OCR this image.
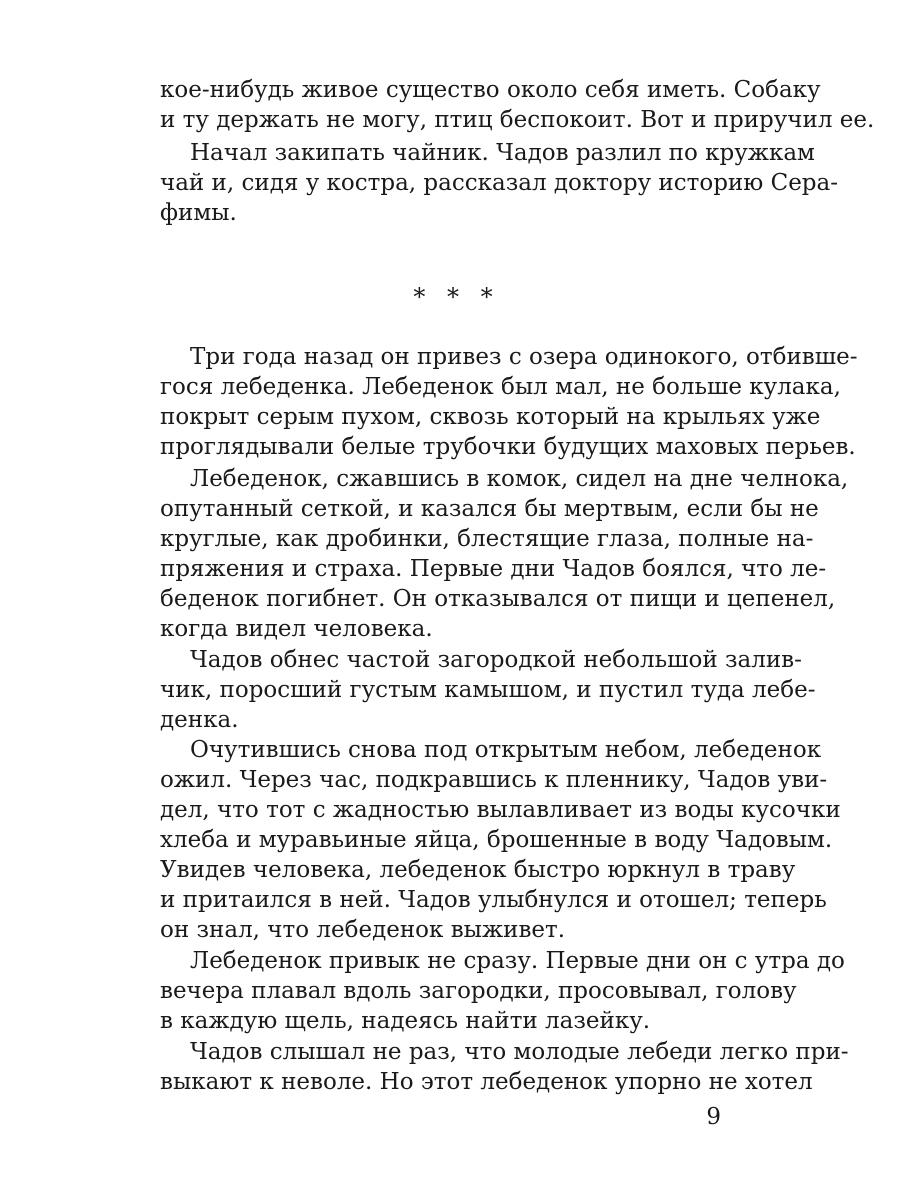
кое-нибудь живое существо около себя иметь. Собаку
и ту держать не могу, птиц беспокоит. Вот и приручил ее.
Начал закипать чайник. Чадов разлил по кружкам
чай и, сидя у костра, рассказал доктору историю Сера-
фимы.
* * *
Три года назад он привез с озера одинокого, отбивше-
гося лебеденка. Лебеденок был мал, не больше кулака,
покрыт серым пухом, сквозь который на крыльях уже
проглядывали белые трубочки будущих маховых перьев.
Лебеденок, сжавшись в комок, сидел на дне челнока,
опутанный сеткой, и казался бы мертвым, если бы не
круглые, как дробинки, блестящие глаза, полные на-
пряжения и страха. Первые дни Чадов боялся, что ле-
беденок погибнет. Он отказывался от пищи и цепенел,
когда видел человека.
Чадов обнес частой загородкой небольшой залив-
чик, поросший густым камышом, и пустил туда лебе-
денка.
Очутившись снова под открытым небом, лебеденок
ожил. Через час, подкравшись к пленнику, Чадов уви-
дел, что тот с жадностью вылавливает из воды кусочки
хлеба и муравьиные яйца, брошенные в воду Чадовым.
Увидев человека, лебеденок быстро юркнул в траву
и притаился в ней. Чадов улыбнулся и отошел; теперь
он знал, что лебеденок выживет.
Лебеденок привык не сразу. Первые дни он с утра до
вечера плавал вдоль загородки, просовывал, голову
в каждую щель, надеясь найти лазейку.
Чадов слышал не раз, что молодые лебеди легко при-
выкают к неволе. Но этот лебеденок упорно не хотел
9
